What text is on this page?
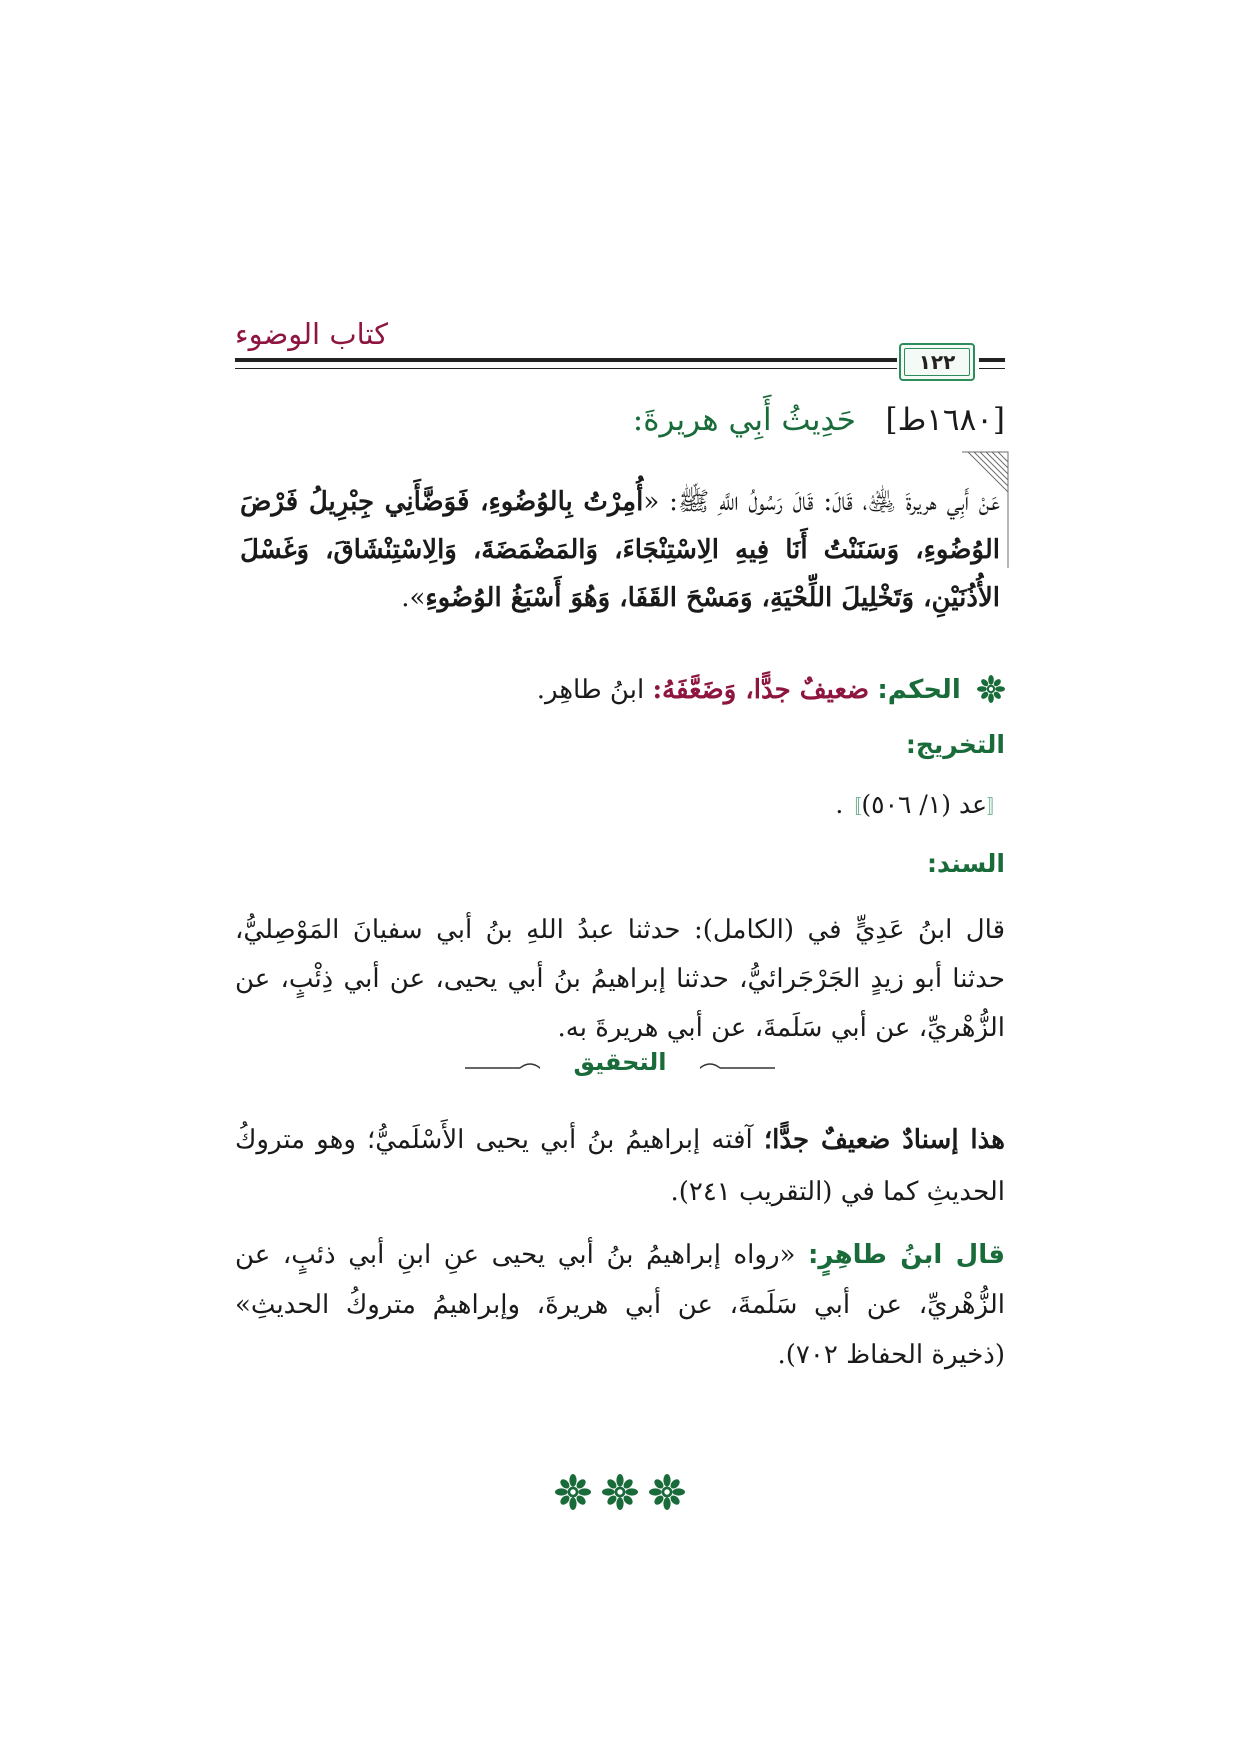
كتاب الوضوء
١٢٢
[١٦٨٠ط]   حَدِيثُ أَبِي هريرةَ:
عَنْ أَبِي هريرةَ ﵁، قَالَ: قَالَ رَسُولُ اللَّهِ ﷺ: «أُمِرْتُ بِالوُضُوءِ، فَوَضَّأَنِي جِبْرِيلُ فَرْضَ الوُضُوءِ، وَسَنَنْتُ أَنَا فِيهِ الِاسْتِنْجَاءَ، وَالمَضْمَضَةَ، وَالِاسْتِنْشَاقَ، وَغَسْلَ الأُذُنَيْنِ، وَتَخْلِيلَ اللِّحْيَةِ، وَمَسْحَ القَفَا، وَهُوَ أَسْبَغُ الوُضُوءِ».
الحكم: ضعيفٌ جدًّا، وَضَعَّفَهُ: ابنُ طاهِر.
التخريج:
〚عد (١/ ٥٠٦)〛.
السند:
قال ابنُ عَدِيٍّ في (الكامل): حدثنا عبدُ اللهِ بنُ أبي سفيانَ المَوْصِليُّ، حدثنا أبو زيدٍ الجَرْجَرائيُّ، حدثنا إبراهيمُ بنُ أبي يحيى، عن أبي ذِئْبٍ، عن الزُّهْريِّ، عن أبي سَلَمةَ، عن أبي هريرةَ به.
التحقيق
هذا إسنادٌ ضعيفٌ جدًّا؛ آفته إبراهيمُ بنُ أبي يحيى الأَسْلَميُّ؛ وهو متروكُ الحديثِ كما في (التقريب ٢٤١).
قال ابنُ طاهِرٍ: «رواه إبراهيمُ بنُ أبي يحيى عنِ ابنِ أبي ذئبٍ، عن الزُّهْريِّ، عن أبي سَلَمةَ، عن أبي هريرةَ، وإبراهيمُ متروكُ الحديثِ» (ذخيرة الحفاظ ٧٠٢).
